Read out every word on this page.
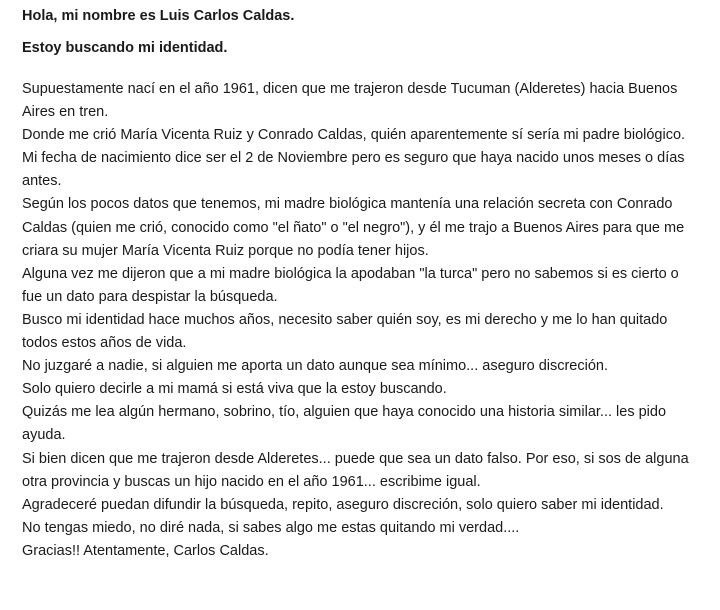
Hola, mi nombre es Luis Carlos Caldas.

Estoy buscando mi identidad.

Supuestamente nací en el año 1961, dicen que me trajeron desde Tucuman (Alderetes) hacia Buenos Aires en tren.

Donde me crió María Vicenta Ruiz y Conrado Caldas, quién aparentemente sí sería mi padre biológico.

Mi fecha de nacimiento dice ser el 2 de Noviembre pero es seguro que haya nacido unos meses o días antes.

Según los pocos datos que tenemos, mi madre biológica mantenía una relación secreta con Conrado Caldas (quien me crió, conocido como "el ñato" o "el negro"), y él me trajo a Buenos Aires para que me criara su mujer María Vicenta Ruiz porque no podía tener hijos.

Alguna vez me dijeron que a mi madre biológica la apodaban "la turca" pero no sabemos si es cierto o fue un dato para despistar la búsqueda.

Busco mi identidad hace muchos años, necesito saber quién soy, es mi derecho y me lo han quitado todos estos años de vida.

No juzgaré a nadie, si alguien me aporta un dato aunque sea mínimo... aseguro discreción.

Solo quiero decirle a mi mamá si está viva que la estoy buscando.

Quizás me lea algún hermano, sobrino, tío, alguien que haya conocido una historia similar... les pido ayuda.

Si bien dicen que me trajeron desde Alderetes... puede que sea un dato falso. Por eso, si sos de alguna otra provincia y buscas un hijo nacido en el año 1961... escribime igual.

Agradeceré puedan difundir la búsqueda, repito, aseguro discreción, solo quiero saber mi identidad.

No tengas miedo, no diré nada, si sabes algo me estas quitando mi verdad....

Gracias!! Atentamente, Carlos Caldas.
